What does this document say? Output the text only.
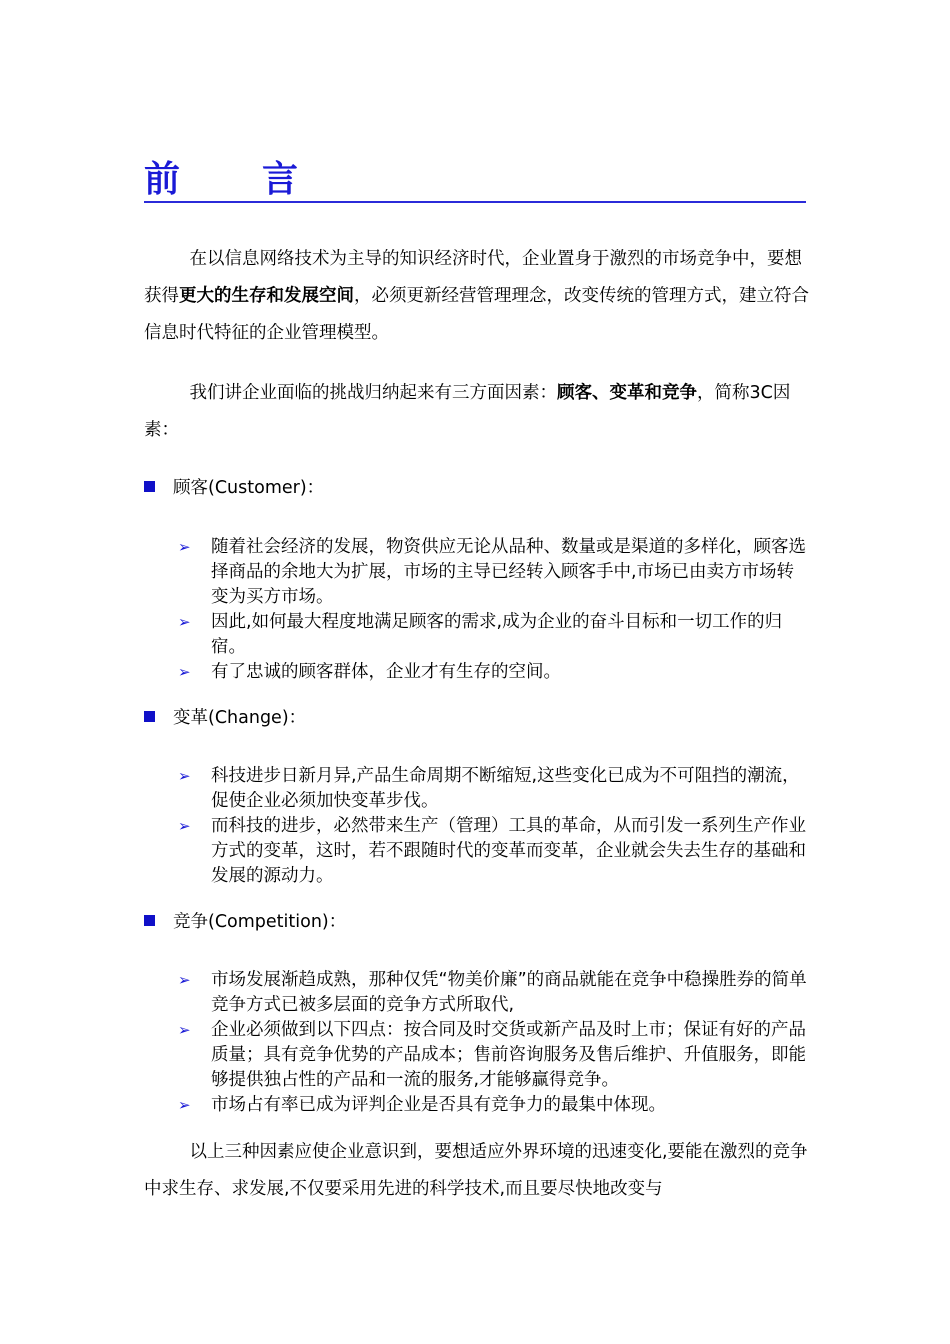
前 言

在以信息网络技术为主导的知识经济时代，企业置身于激烈的市场竞争中，要想获得更大的生存和发展空间，必须更新经营管理理念，改变传统的管理方式，建立符合信息时代特征的企业管理模型。

我们讲企业面临的挑战归纳起来有三方面因素：顾客、变革和竞争，简称3C因素：

顾客(Customer)：
➢ 随着社会经济的发展，物资供应无论从品种、数量或是渠道的多样化，顾客选择商品的余地大为扩展，市场的主导已经转入顾客手中,市场已由卖方市场转变为买方市场。
➢ 因此,如何最大程度地满足顾客的需求,成为企业的奋斗目标和一切工作的归宿。
➢ 有了忠诚的顾客群体，企业才有生存的空间。
变革(Change)：
➢ 科技进步日新月异,产品生命周期不断缩短,这些变化已成为不可阻挡的潮流，促使企业必须加快变革步伐。
➢ 而科技的进步，必然带来生产（管理）工具的革命，从而引发一系列生产作业方式的变革，这时，若不跟随时代的变革而变革，企业就会失去生存的基础和发展的源动力。
竞争(Competition)：
➢ 市场发展渐趋成熟，那种仅凭“物美价廉”的商品就能在竞争中稳操胜券的简单竞争方式已被多层面的竞争方式所取代,
➢ 企业必须做到以下四点：按合同及时交货或新产品及时上市；保证有好的产品质量；具有竞争优势的产品成本；售前咨询服务及售后维护、升值服务，即能够提供独占性的产品和一流的服务,才能够赢得竞争。
➢ 市场占有率已成为评判企业是否具有竞争力的最集中体现。

以上三种因素应使企业意识到，要想适应外界环境的迅速变化,要能在激烈的竞争中求生存、求发展,不仅要采用先进的科学技术,而且要尽快地改变与
